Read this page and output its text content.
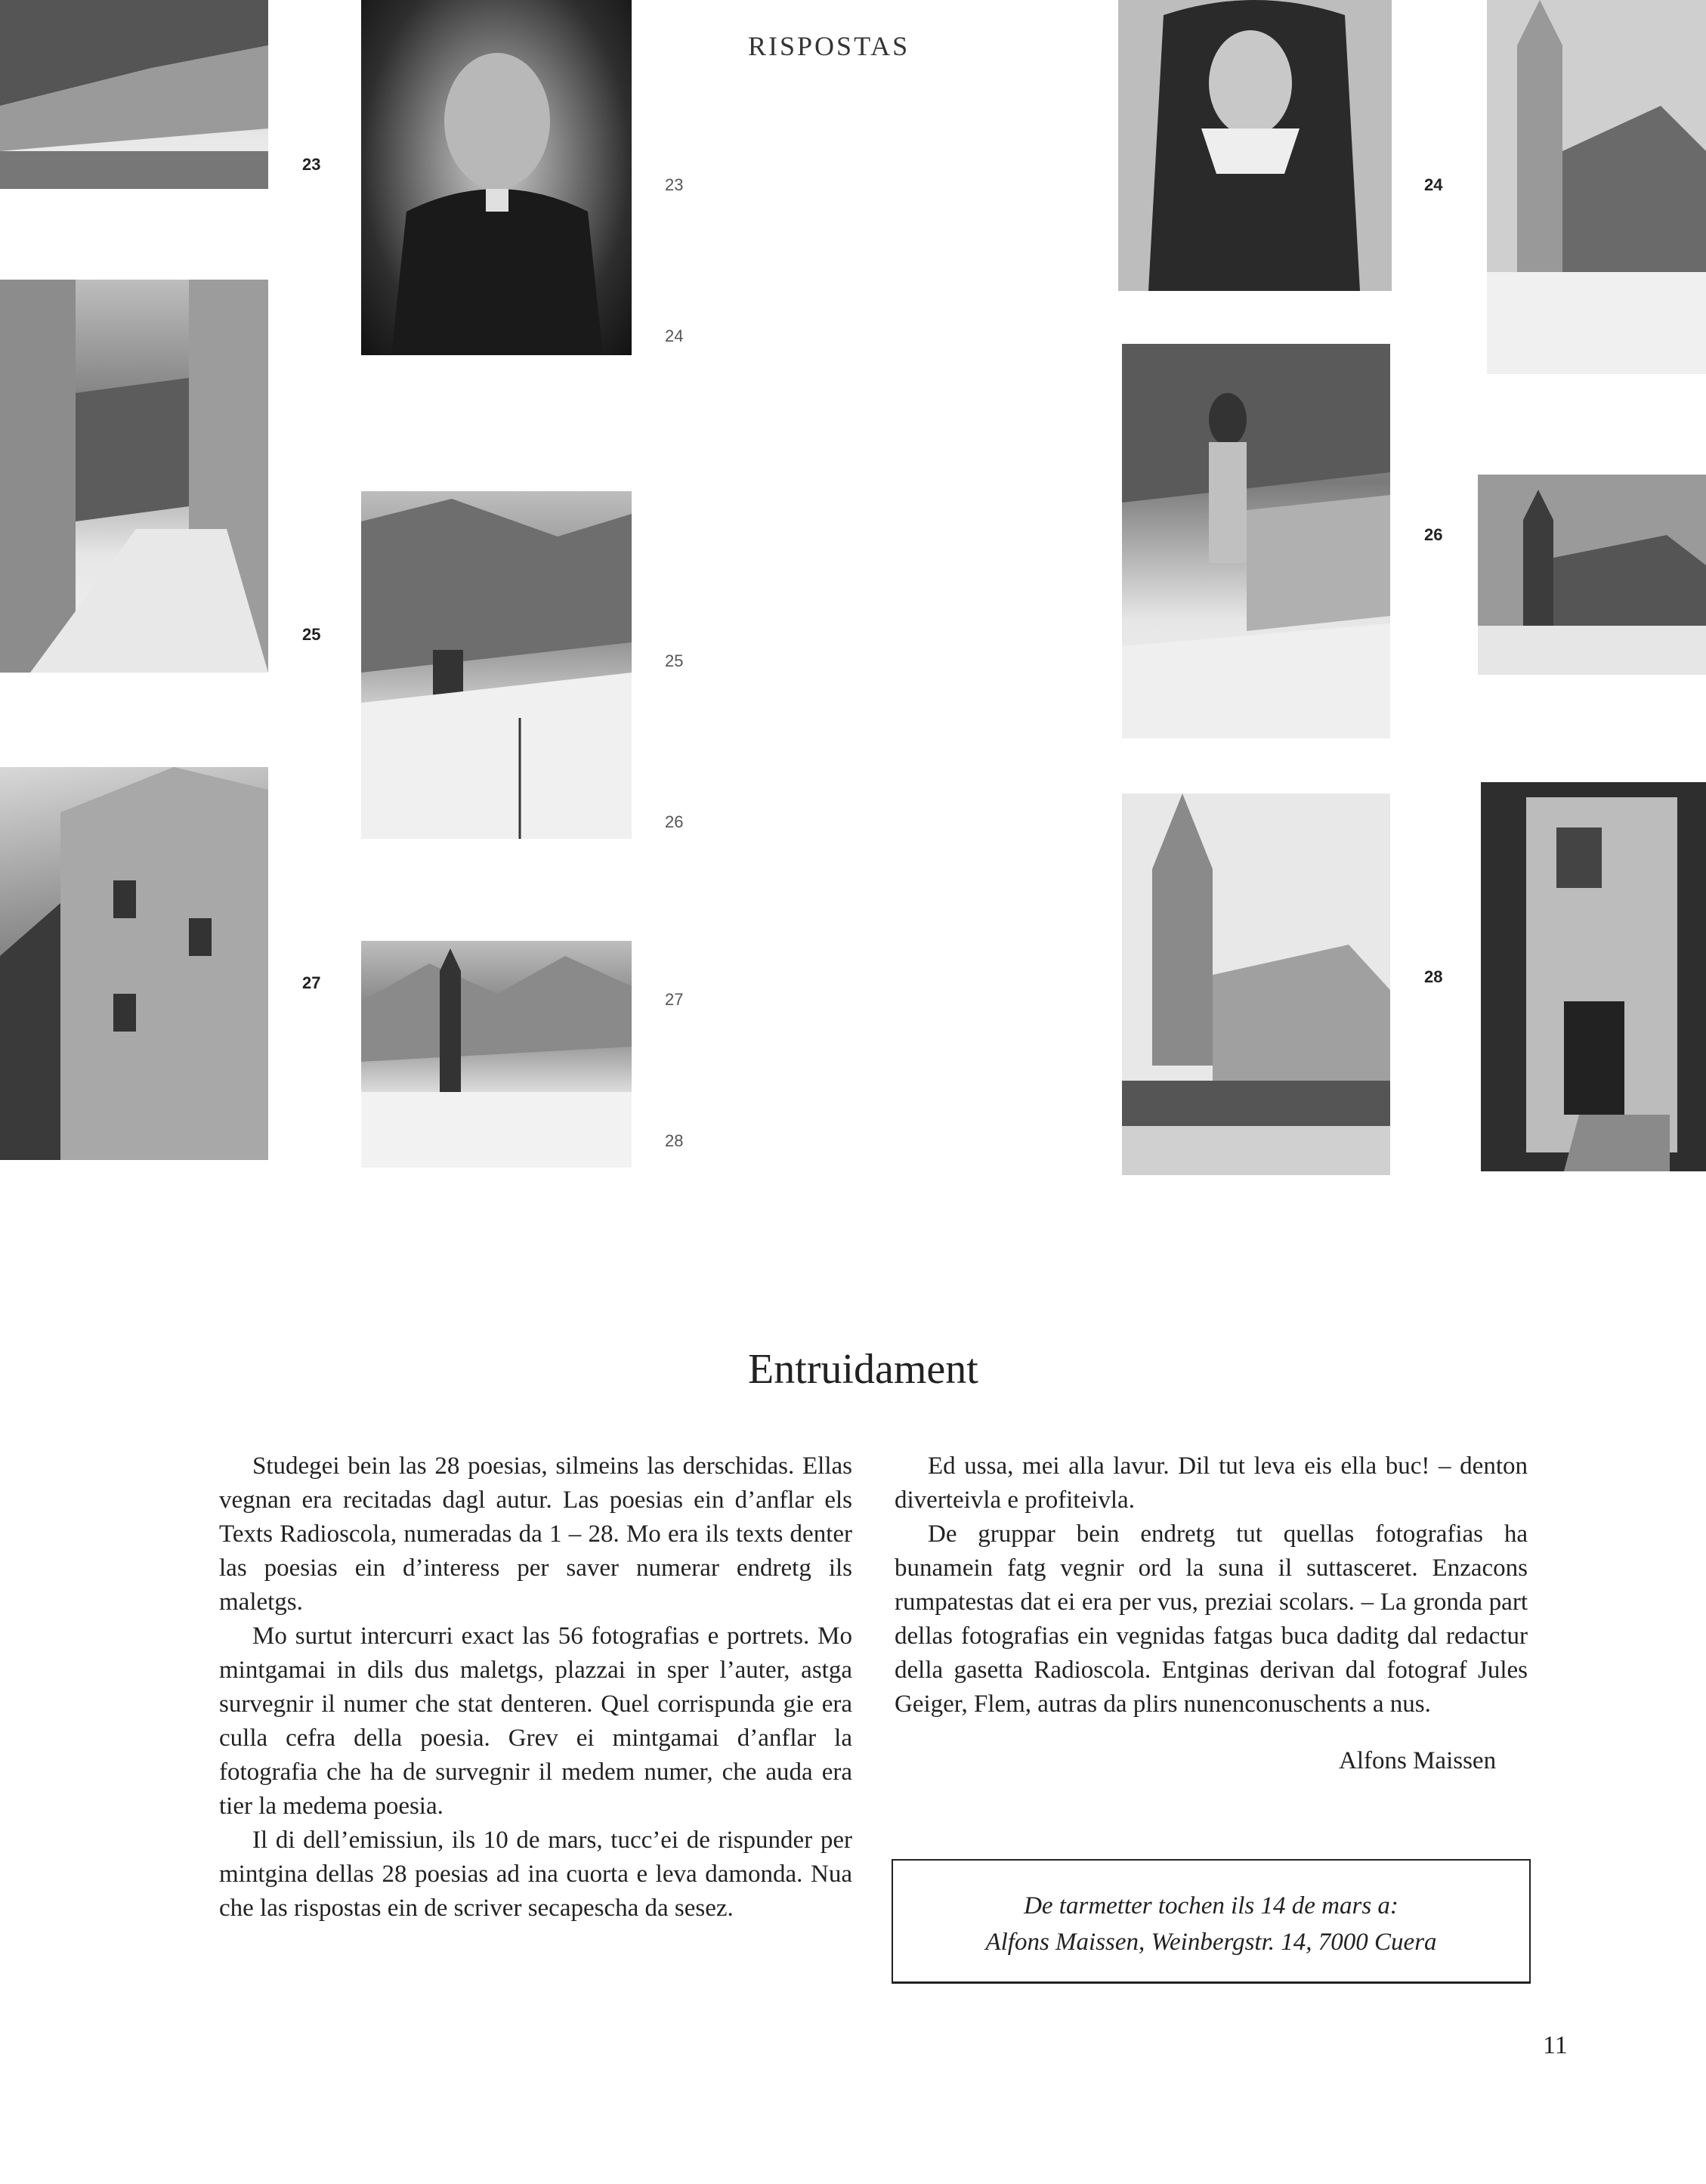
RISPOSTAS
23
23
24
24
25
25
26
26
27
27
28
28
Entruidament

Studegei bein las 28 poesias, silmeins las derschidas. Ellas vegnan era recitadas dagl autur. Las poesias ein d’anflar els Texts Radioscola, numeradas da 1 – 28. Mo era ils texts denter las poesias ein d’interess per saver numerar endretg ils maletgs.

Mo surtut intercurri exact las 56 fotografias e portrets. Mo mintgamai in dils dus maletgs, plazzai in sper l’auter, astga survegnir il numer che stat denteren. Quel corrispunda gie era culla cefra della poesia. Grev ei mintgamai d’anflar la fotografia che ha de survegnir il medem numer, che auda era tier la medema poesia.

Il di dell’emissiun, ils 10 de mars, tucc’ei de rispunder per mintgina dellas 28 poesias ad ina cuorta e leva damonda. Nua che las rispostas ein de scriver secapescha da sesez.

Ed ussa, mei alla lavur. Dil tut leva eis ella buc! – denton diverteivla e profiteivla.

De gruppar bein endretg tut quellas fotografias ha bunamein fatg vegnir ord la suna il suttasceret. Enzacons rumpatestas dat ei era per vus, preziai scolars. – La gronda part dellas fotografias ein vegnidas fatgas buca daditg dal redactur della gasetta Radioscola. Entginas derivan dal fotograf Jules Geiger, Flem, autras da plirs nunenconuschents a nus.

Alfons Maissen
De tarmetter tochen ils 14 de mars a:
Alfons Maissen, Weinbergstr. 14, 7000 Cuera
11
